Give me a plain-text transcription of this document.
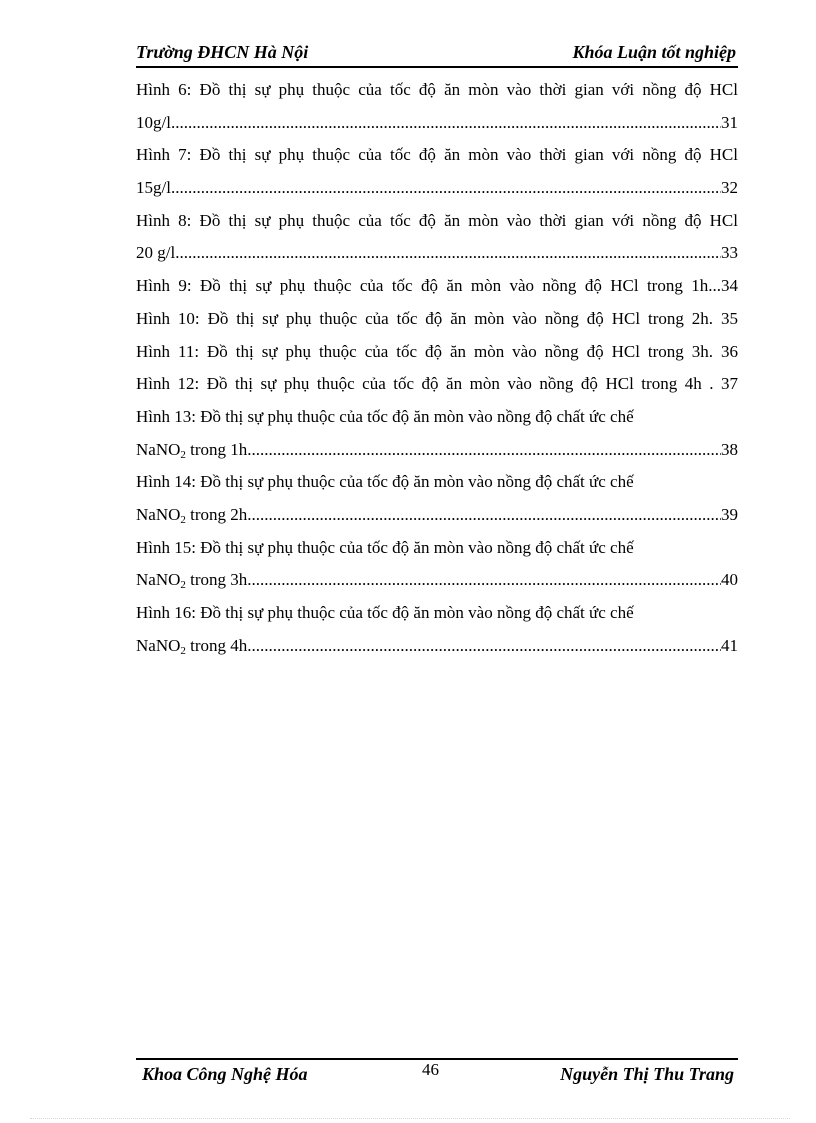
Trường ĐHCN Hà Nội	Khóa Luận tốt nghiệp
Hình 6: Đồ thị sự phụ thuộc của tốc độ ăn mòn vào thời gian với nồng độ HCl
10g/l .....	31
Hình 7: Đồ thị sự phụ thuộc của tốc độ ăn mòn vào thời gian với nồng độ HCl
15g/l .....	32
Hình 8: Đồ thị sự phụ thuộc của tốc độ ăn mòn vào thời gian với nồng độ HCl
20 g/l .....	33
Hình 9: Đồ thị sự phụ thuộc của tốc độ ăn mòn vào nồng độ HCl trong 1h...34
Hình 10: Đồ thị sự phụ thuộc của tốc độ ăn mòn vào nồng độ HCl trong 2h. 35
Hình 11: Đồ thị sự phụ thuộc của tốc độ ăn mòn vào nồng độ HCl trong 3h. 36
Hình 12: Đồ thị sự phụ thuộc của tốc độ ăn mòn vào nồng độ HCl trong 4h . 37
Hình 13: Đồ thị sự phụ thuộc của tốc độ ăn mòn vào nồng độ chất ức chế
NaNO$_2$ trong 1h .....	38
Hình 14: Đồ thị sự phụ thuộc của tốc độ ăn mòn vào nồng độ chất ức chế
NaNO$_2$ trong 2h. .....	39
Hình 15: Đồ thị sự phụ thuộc của tốc độ ăn mòn vào nồng độ chất ức chế
NaNO$_2$ trong 3h. .....	40
Hình 16: Đồ thị sự phụ thuộc của tốc độ ăn mòn vào nồng độ chất ức chế
NaNO$_2$ trong 4h. .....	41
Khoa Công Nghệ Hóa	46	Nguyễn Thị Thu Trang
